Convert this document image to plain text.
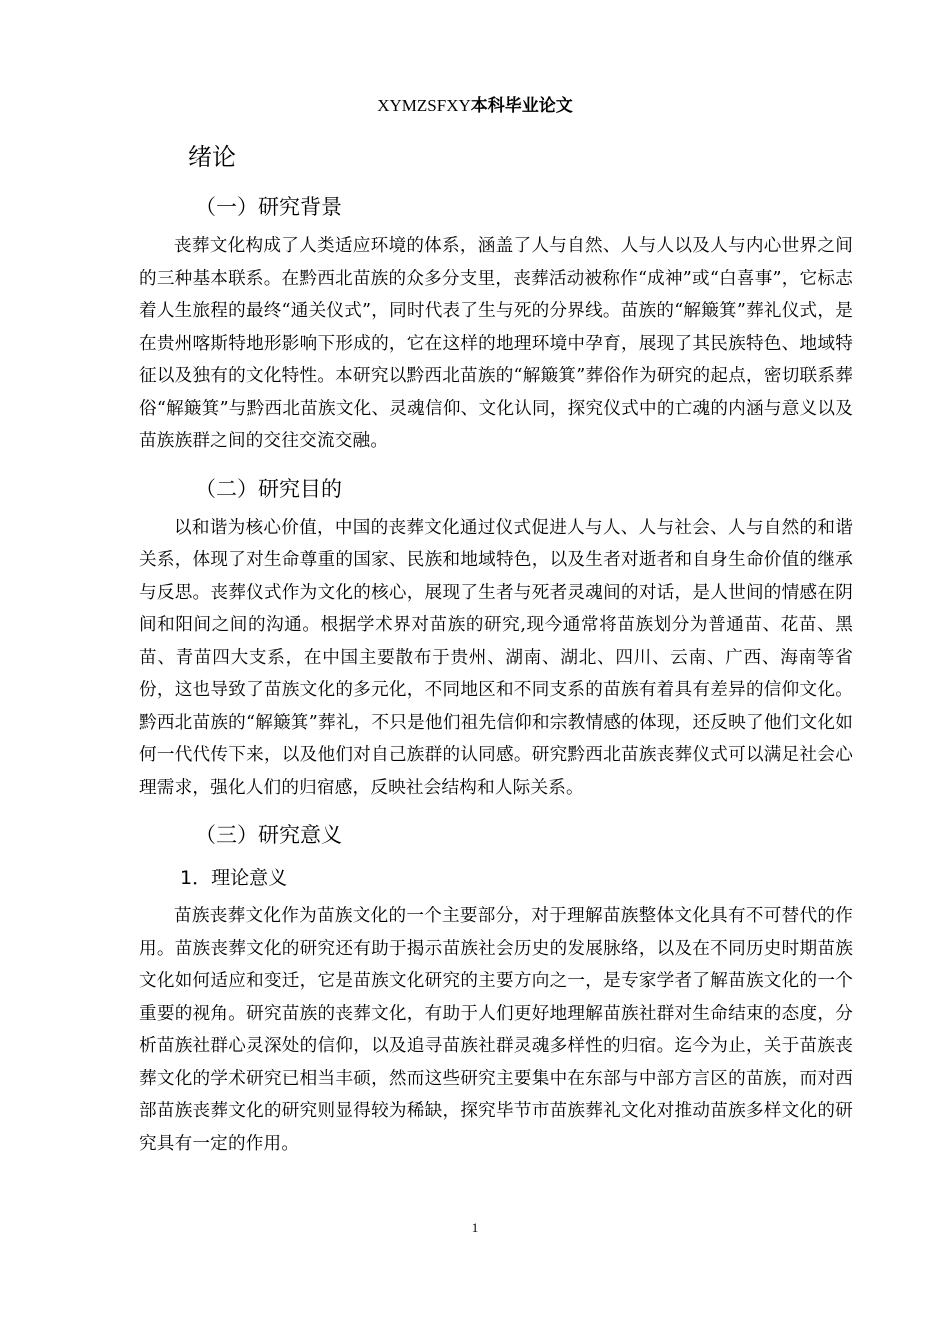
XYMZSFXY本科毕业论文
绪论
（一）研究背景

丧葬文化构成了人类适应环境的体系，涵盖了人与自然、人与人以及人与内心世界之间的三种基本联系。在黔西北苗族的众多分支里，丧葬活动被称作“成神”或“白喜事”，它标志着人生旅程的最终“通关仪式”，同时代表了生与死的分界线。苗族的“解簸箕”葬礼仪式，是在贵州喀斯特地形影响下形成的，它在这样的地理环境中孕育，展现了其民族特色、地域特征以及独有的文化特性。本研究以黔西北苗族的“解簸箕”葬俗作为研究的起点，密切联系葬俗“解簸箕”与黔西北苗族文化、灵魂信仰、文化认同，探究仪式中的亡魂的内涵与意义以及苗族族群之间的交往交流交融。

（二）研究目的

以和谐为核心价值，中国的丧葬文化通过仪式促进人与人、人与社会、人与自然的和谐关系，体现了对生命尊重的国家、民族和地域特色，以及生者对逝者和自身生命价值的继承与反思。丧葬仪式作为文化的核心，展现了生者与死者灵魂间的对话，是人世间的情感在阴间和阳间之间的沟通。根据学术界对苗族的研究,现今通常将苗族划分为普通苗、花苗、黑苗、青苗四大支系，在中国主要散布于贵州、湖南、湖北、四川、云南、广西、海南等省份，这也导致了苗族文化的多元化，不同地区和不同支系的苗族有着具有差异的信仰文化。黔西北苗族的“解簸箕”葬礼，不只是他们祖先信仰和宗教情感的体现，还反映了他们文化如何一代代传下来，以及他们对自己族群的认同感。研究黔西北苗族丧葬仪式可以满足社会心理需求，强化人们的归宿感，反映社会结构和人际关系。

（三）研究意义
1．理论意义

苗族丧葬文化作为苗族文化的一个主要部分，对于理解苗族整体文化具有不可替代的作用。苗族丧葬文化的研究还有助于揭示苗族社会历史的发展脉络，以及在不同历史时期苗族文化如何适应和变迁，它是苗族文化研究的主要方向之一，是专家学者了解苗族文化的一个重要的视角。研究苗族的丧葬文化，有助于人们更好地理解苗族社群对生命结束的态度，分析苗族社群心灵深处的信仰，以及追寻苗族社群灵魂多样性的归宿。迄今为止，关于苗族丧葬文化的学术研究已相当丰硕，然而这些研究主要集中在东部与中部方言区的苗族，而对西部苗族丧葬文化的研究则显得较为稀缺，探究毕节市苗族葬礼文化对推动苗族多样文化的研究具有一定的作用。

1
